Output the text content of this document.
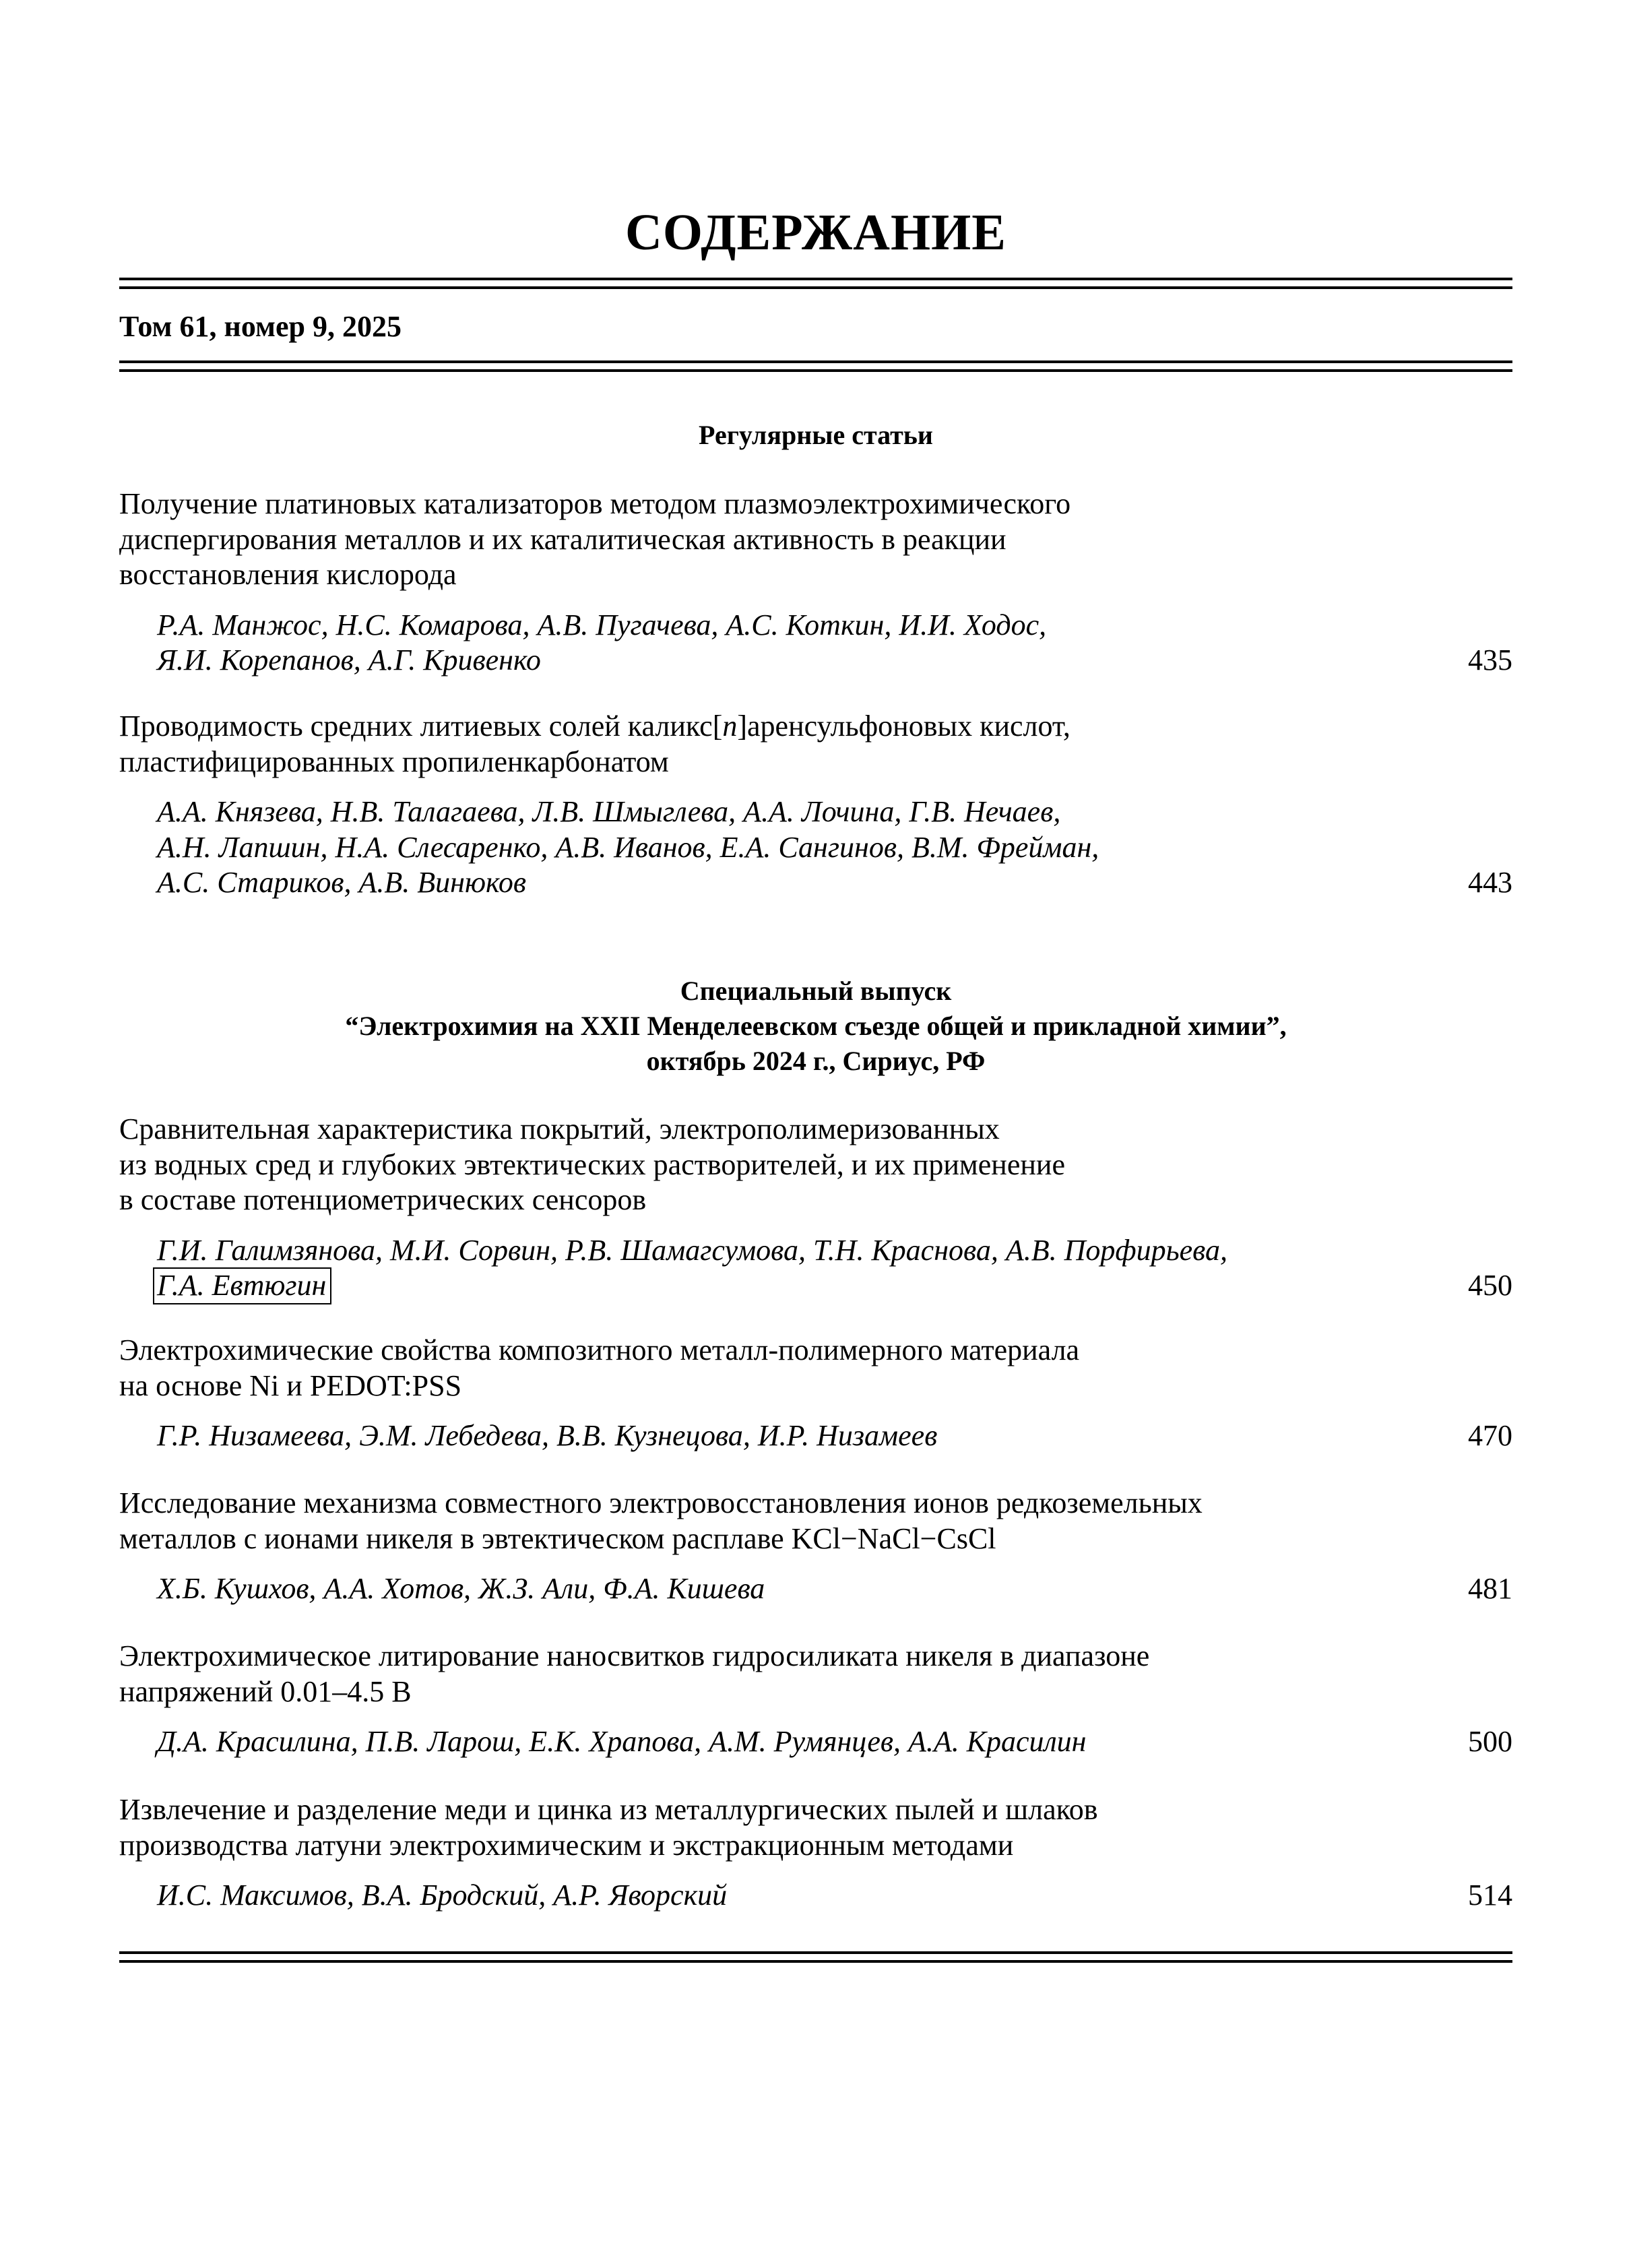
СОДЕРЖАНИЕ
Том 61, номер 9, 2025
Регулярные статьи
Получение платиновых катализаторов методом плазмоэлектрохимического
диспергирования металлов и их каталитическая активность в реакции
восстановления кислорода
Р.А. Манжос, Н.С. Комарова, А.В. Пугачева, А.С. Коткин, И.И. Ходос,
Я.И. Корепанов, А.Г. Кривенко	435
Проводимость средних литиевых солей каликс[n]аренсульфоновых кислот,
пластифицированных пропиленкарбонатом
А.А. Князева, Н.В. Талагаева, Л.В. Шмыглева, А.А. Лочина, Г.В. Нечаев,
А.Н. Лапшин, Н.А. Слесаренко, А.В. Иванов, Е.А. Сангинов, В.М. Фрейман,
А.С. Стариков, А.В. Винюков	443
Специальный выпуск
“Электрохимия на XXII Менделеевском съезде общей и прикладной химии”,
октябрь 2024 г., Сириус, РФ
Сравнительная характеристика покрытий, электрополимеризованных
из водных сред и глубоких эвтектических растворителей, и их применение
в составе потенциометрических сенсоров
Г.И. Галимзянова, М.И. Сорвин, Р.В. Шамагсумова, Т.Н. Краснова, А.В. Порфирьева,
Г.А. Евтюгин	450
Электрохимические свойства композитного металл-полимерного материала
на основе Ni и PEDOT:PSS
Г.Р. Низамеева, Э.М. Лебедева, В.В. Кузнецова, И.Р. Низамеев	470
Исследование механизма совместного электровосстановления ионов редкоземельных
металлов с ионами никеля в эвтектическом расплаве KCl−NaCl−CsCl
Х.Б. Кушхов, А.А. Хотов, Ж.З. Али, Ф.А. Кишева	481
Электрохимическое литирование наносвитков гидросиликата никеля в диапазоне
напряжений 0.01–4.5 В
Д.А. Красилина, П.В. Ларош, Е.К. Храпова, А.М. Румянцев, А.А. Красилин	500
Извлечение и разделение меди и цинка из металлургических пылей и шлаков
производства латуни электрохимическим и экстракционным методами
И.С. Максимов, В.А. Бродский, А.Р. Яворский	514
